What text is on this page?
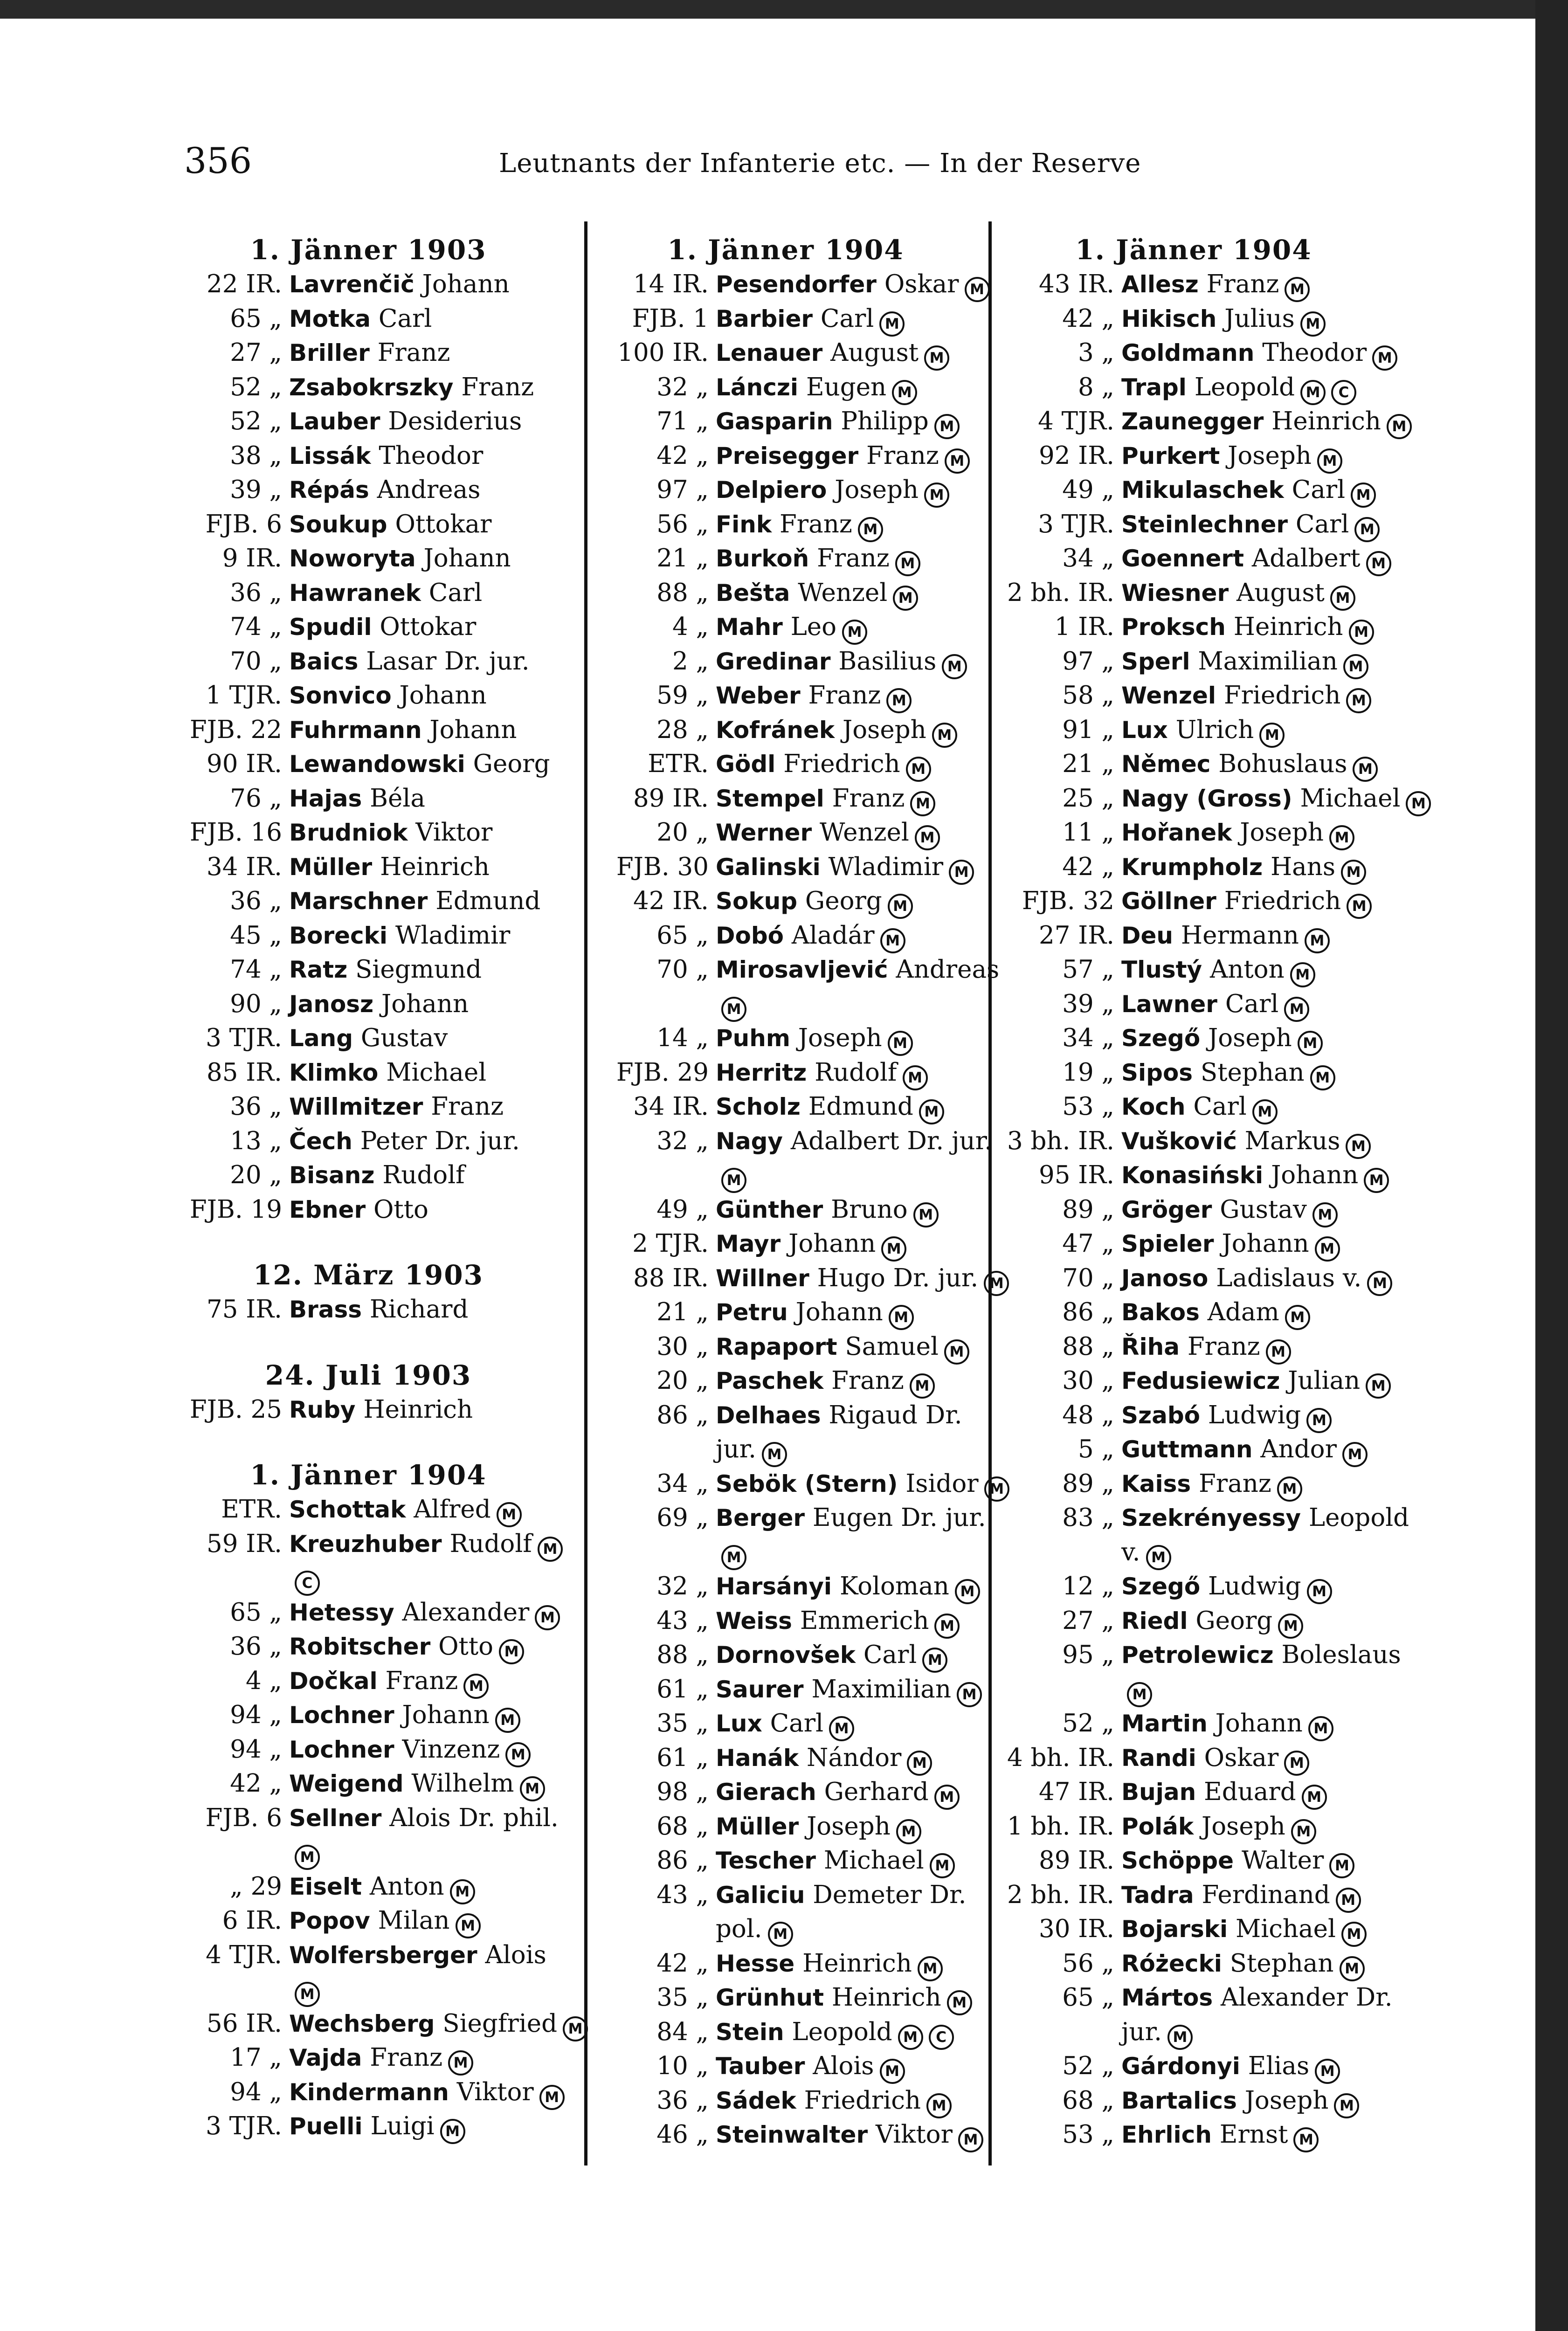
356	Leutnants der Infanterie etc. — In der Reserve
1. Jänner 1903
22 IR. Lavrenčič Johann
65 „ Motka Carl
27 „ Briller Franz
52 „ Zsabokrszky Franz
52 „ Lauber Desiderius
38 „ Lissák Theodor
39 „ Répás Andreas
FJB. 6 Soukup Ottokar
9 IR. Noworyta Johann
36 „ Hawranek Carl
74 „ Spudil Ottokar
70 „ Baics Lasar Dr. jur.
1 TJR. Sonvico Johann
FJB. 22 Fuhrmann Johann
90 IR. Lewandowski Georg
76 „ Hajas Béla
FJB. 16 Brudniok Viktor
34 IR. Müller Heinrich
36 „ Marschner Edmund
45 „ Borecki Wladimir
74 „ Ratz Siegmund
90 „ Janosz Johann
3 TJR. Lang Gustav
85 IR. Klimko Michael
36 „ Willmitzer Franz
13 „ Čech Peter Dr. jur.
20 „ Bisanz Rudolf
FJB. 19 Ebner Otto
12. März 1903
75 IR. Brass Richard
24. Juli 1903
FJB. 25 Ruby Heinrich
1. Jänner 1904
ETR. Schottak Alfred M
59 IR. Kreuzhuber Rudolf M
C
65 „ Hetessy Alexander M
36 „ Robitscher Otto M
4 „ Dočkal Franz M
94 „ Lochner Johann M
94 „ Lochner Vinzenz M
42 „ Weigend Wilhelm M
FJB. 6 Sellner Alois Dr. phil.
M
„ 29 Eiselt Anton M
6 IR. Popov Milan M
4 TJR. Wolfersberger Alois
M
56 IR. Wechsberg Siegfried M
17 „ Vajda Franz M
94 „ Kindermann Viktor M
3 TJR. Puelli Luigi M
1. Jänner 1904
14 IR. Pesendorfer Oskar M
FJB. 1 Barbier Carl M
100 IR. Lenauer August M
32 „ Lánczi Eugen M
71 „ Gasparin Philipp M
42 „ Preisegger Franz M
97 „ Delpiero Joseph M
56 „ Fink Franz M
21 „ Burkoň Franz M
88 „ Bešta Wenzel M
4 „ Mahr Leo M
2 „ Gredinar Basilius M
59 „ Weber Franz M
28 „ Kofránek Joseph M
ETR. Gödl Friedrich M
89 IR. Stempel Franz M
20 „ Werner Wenzel M
FJB. 30 Galinski Wladimir M
42 IR. Sokup Georg M
65 „ Dobó Aladár M
70 „ Mirosavljević Andreas
M
14 „ Puhm Joseph M
FJB. 29 Herritz Rudolf M
34 IR. Scholz Edmund M
32 „ Nagy Adalbert Dr. jur.
M
49 „ Günther Bruno M
2 TJR. Mayr Johann M
88 IR. Willner Hugo Dr. jur. M
21 „ Petru Johann M
30 „ Rapaport Samuel M
20 „ Paschek Franz M
86 „ Delhaes Rigaud Dr.
jur. M
34 „ Sebök (Stern) Isidor M
69 „ Berger Eugen Dr. jur.
M
32 „ Harsányi Koloman M
43 „ Weiss Emmerich M
88 „ Dornovšek Carl M
61 „ Saurer Maximilian M
35 „ Lux Carl M
61 „ Hanák Nándor M
98 „ Gierach Gerhard M
68 „ Müller Joseph M
86 „ Tescher Michael M
43 „ Galiciu Demeter Dr.
pol. M
42 „ Hesse Heinrich M
35 „ Grünhut Heinrich M
84 „ Stein Leopold M C
10 „ Tauber Alois M
36 „ Sádek Friedrich M
46 „ Steinwalter Viktor M
1. Jänner 1904
43 IR. Allesz Franz M
42 „ Hikisch Julius M
3 „ Goldmann Theodor M
8 „ Trapl Leopold M C
4 TJR. Zaunegger Heinrich M
92 IR. Purkert Joseph M
49 „ Mikulaschek Carl M
3 TJR. Steinlechner Carl M
34 „ Goennert Adalbert M
2 bh. IR. Wiesner August M
1 IR. Proksch Heinrich M
97 „ Sperl Maximilian M
58 „ Wenzel Friedrich M
91 „ Lux Ulrich M
21 „ Němec Bohuslaus M
25 „ Nagy (Gross) Michael M
11 „ Hořanek Joseph M
42 „ Krumpholz Hans M
FJB. 32 Göllner Friedrich M
27 IR. Deu Hermann M
57 „ Tlustý Anton M
39 „ Lawner Carl M
34 „ Szegő Joseph M
19 „ Sipos Stephan M
53 „ Koch Carl M
3 bh. IR. Vušković Markus M
95 IR. Konasiński Johann M
89 „ Gröger Gustav M
47 „ Spieler Johann M
70 „ Janoso Ladislaus v. M
86 „ Bakos Adam M
88 „ Řiha Franz M
30 „ Fedusiewicz Julian M
48 „ Szabó Ludwig M
5 „ Guttmann Andor M
89 „ Kaiss Franz M
83 „ Szekrényessy Leopold
v. M
12 „ Szegő Ludwig M
27 „ Riedl Georg M
95 „ Petrolewicz Boleslaus
M
52 „ Martin Johann M
4 bh. IR. Randi Oskar M
47 IR. Bujan Eduard M
1 bh. IR. Polák Joseph M
89 IR. Schöppe Walter M
2 bh. IR. Tadra Ferdinand M
30 IR. Bojarski Michael M
56 „ Różecki Stephan M
65 „ Mártos Alexander Dr.
jur. M
52 „ Gárdonyi Elias M
68 „ Bartalics Joseph M
53 „ Ehrlich Ernst M
